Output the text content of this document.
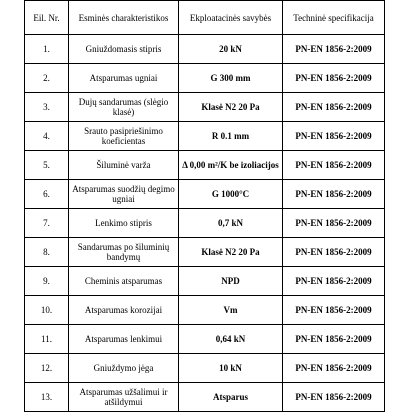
Eil. Nr.	Esminės charakteristikos	Ekploatacinės savybės	Techninė specifikacija
1.	Gniuždomasis stipris	20 kN	PN-EN 1856-2:2009
2.	Atsparumas ugniai	G 300 mm	PN-EN 1856-2:2009
3.	Dujų sandarumas (slėgio klasė)	Klasė N2 20 Pa	PN-EN 1856-2:2009
4.	Srauto pasipriešinimo koeficientas	R 0.1 mm	PN-EN 1856-2:2009
5.	Šiluminė varža	Δ 0,00 m²/K be izoliacijos	PN-EN 1856-2:2009
6.	Atsparumas suodžių degimo ugniai	G 1000°C	PN-EN 1856-2:2009
7.	Lenkimo stipris	0,7 kN	PN-EN 1856-2:2009
8.	Sandarumas po šiluminių bandymų	Klasė N2 20 Pa	PN-EN 1856-2:2009
9.	Cheminis atsparumas	NPD	PN-EN 1856-2:2009
10.	Atsparumas korozijai	Vm	PN-EN 1856-2:2009
11.	Atsparumas lenkimui	0,64 kN	PN-EN 1856-2:2009
12.	Gniuždymo jėga	10 kN	PN-EN 1856-2:2009
13.	Atsparumas užšalimui ir atšildymui	Atsparus	PN-EN 1856-2:2009
